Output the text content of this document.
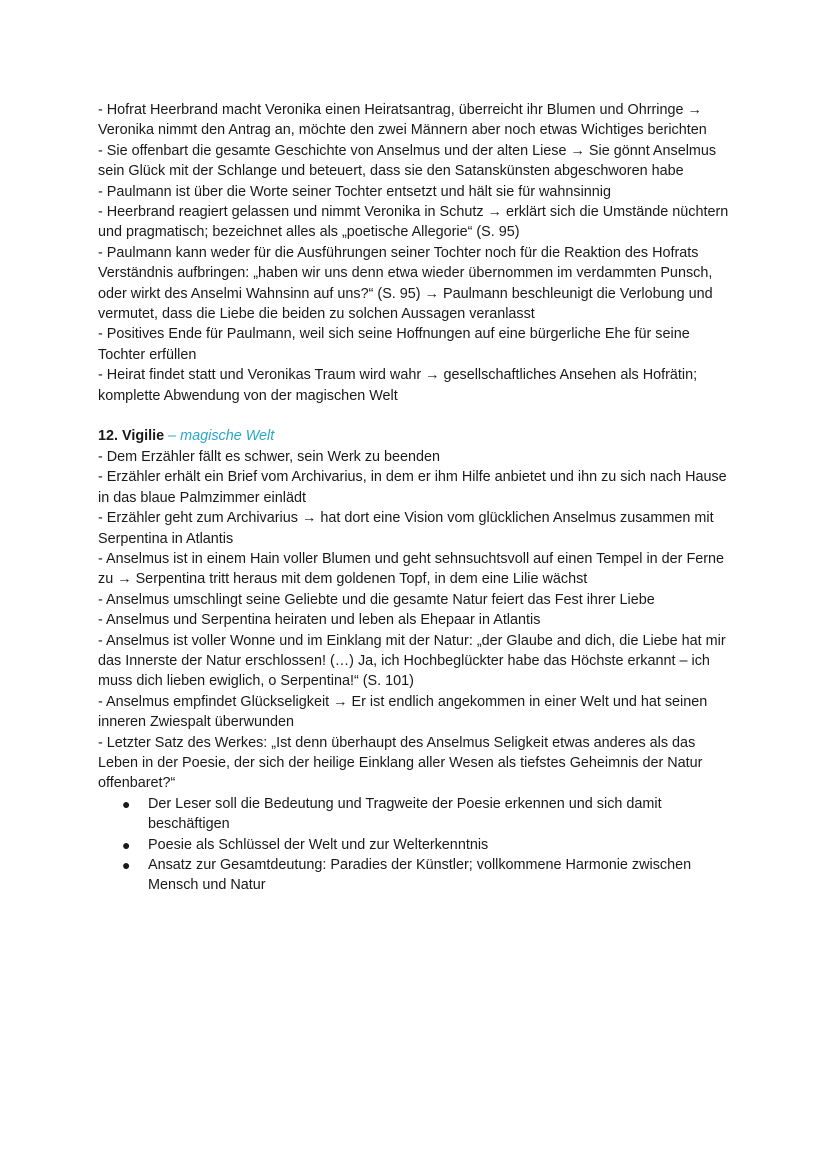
- Hofrat Heerbrand macht Veronika einen Heiratsantrag, überreicht ihr Blumen und Ohrringe → Veronika nimmt den Antrag an, möchte den zwei Männern aber noch etwas Wichtiges berichten
- Sie offenbart die gesamte Geschichte von Anselmus und der alten Liese → Sie gönnt Anselmus sein Glück mit der Schlange und beteuert, dass sie den Satanskünsten abgeschworen habe
- Paulmann ist über die Worte seiner Tochter entsetzt und hält sie für wahnsinnig
- Heerbrand reagiert gelassen und nimmt Veronika in Schutz → erklärt sich die Umstände nüchtern und pragmatisch; bezeichnet alles als „poetische Allegorie“ (S. 95)
- Paulmann kann weder für die Ausführungen seiner Tochter noch für die Reaktion des Hofrats Verständnis aufbringen: „haben wir uns denn etwa wieder übernommen im verdammten Punsch, oder wirkt des Anselmi Wahnsinn auf uns?“ (S. 95) → Paulmann beschleunigt die Verlobung und vermutet, dass die Liebe die beiden zu solchen Aussagen veranlasst
- Positives Ende für Paulmann, weil sich seine Hoffnungen auf eine bürgerliche Ehe für seine Tochter erfüllen
- Heirat findet statt und Veronikas Traum wird wahr → gesellschaftliches Ansehen als Hofrätin; komplette Abwendung von der magischen Welt
12. Vigilie – magische Welt
- Dem Erzähler fällt es schwer, sein Werk zu beenden
- Erzähler erhält ein Brief vom Archivarius, in dem er ihm Hilfe anbietet und ihn zu sich nach Hause in das blaue Palmzimmer einlädt
- Erzähler geht zum Archivarius → hat dort eine Vision vom glücklichen Anselmus zusammen mit Serpentina in Atlantis
- Anselmus ist in einem Hain voller Blumen und geht sehnsuchtsvoll auf einen Tempel in der Ferne zu → Serpentina tritt heraus mit dem goldenen Topf, in dem eine Lilie wächst
- Anselmus umschlingt seine Geliebte und die gesamte Natur feiert das Fest ihrer Liebe
- Anselmus und Serpentina heiraten und leben als Ehepaar in Atlantis
- Anselmus ist voller Wonne und im Einklang mit der Natur: „der Glaube and dich, die Liebe hat mir das Innerste der Natur erschlossen! (…) Ja, ich Hochbeglückter habe das Höchste erkannt – ich muss dich lieben ewiglich, o Serpentina!“ (S. 101)
- Anselmus empfindet Glückseligkeit → Er ist endlich angekommen in einer Welt und hat seinen inneren Zwiespalt überwunden
- Letzter Satz des Werkes: „Ist denn überhaupt des Anselmus Seligkeit etwas anderes als das Leben in der Poesie, der sich der heilige Einklang aller Wesen als tiefstes Geheimnis der Natur offenbaret?“
● Der Leser soll die Bedeutung und Tragweite der Poesie erkennen und sich damit beschäftigen
● Poesie als Schlüssel der Welt und zur Welterkenntnis
● Ansatz zur Gesamtdeutung: Paradies der Künstler; vollkommene Harmonie zwischen Mensch und Natur
